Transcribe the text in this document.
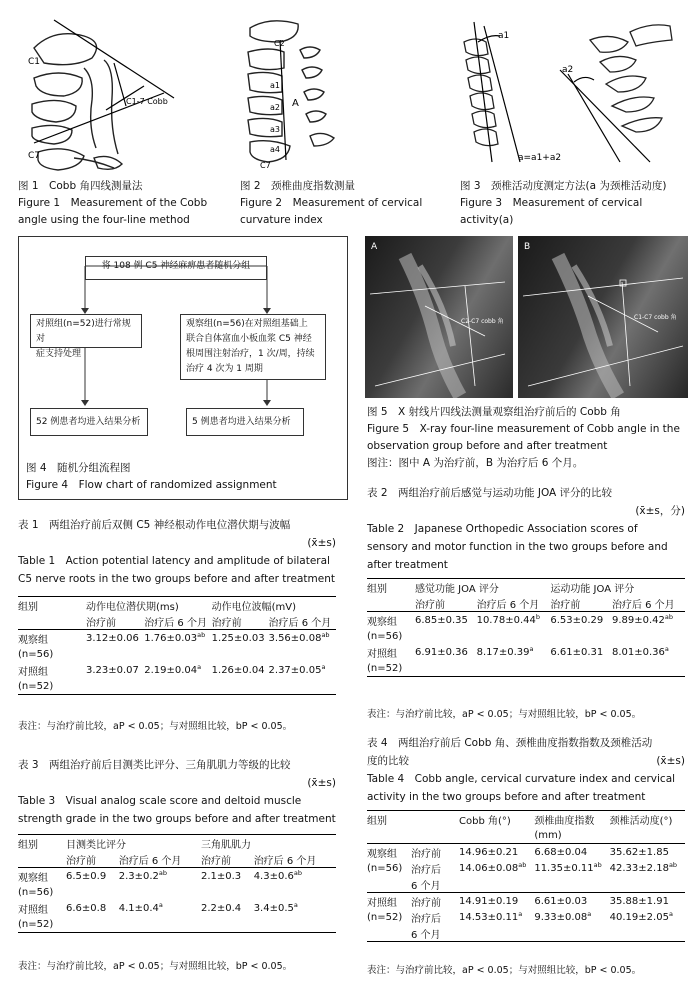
C1
C7
C1-7 Cobb
图 1　Cobb 角四线测量法
Figure 1　Measurement of the Cobb
angle using the four-line method
C2
a1
a2
a3
a4
A
C7
图 2　颈椎曲度指数测量
Figure 2　Measurement of cervical
curvature index
a1
a2
a=a1+a2
图 3　颈椎活动度测定方法(a 为颈椎活动度)
Figure 3　Measurement of cervical
activity(a)
将 108 例 C5 神经麻痹患者随机分组
对照组(n=52)进行常规对
症支持处理
观察组(n=56)在对照组基础上
联合自体富血小板血浆 C5 神经
根周围注射治疗，1 次/周，持续
治疗 4 次为 1 周期
52 例患者均进入结果分析	5 例患者均进入结果分析
图 4　随机分组流程图
Figure 4　Flow chart of randomized assignment
A
C2-C7 cobb 角
B
C1-C7 cobb 角
图 5　X 射线片四线法测量观察组治疗前后的 Cobb 角
Figure 5　X-ray four-line measurement of Cobb angle in the
observation group before and after treatment
图注：图中 A 为治疗前，B 为治疗后 6 个月。
表 1　两组治疗前后双侧 C5 神经根动作电位潜伏期与波幅
(x̄±s)
Table 1　Action potential latency and amplitude of bilateral
C5 nerve roots in the two groups before and after treatment
组别	动作电位潜伏期(ms)		动作电位波幅(mV)	
	治疗前	治疗后 6 个月	治疗前	治疗后 6 个月
观察组	3.12±0.06	1.76±0.03$^{ab}$	1.25±0.03	3.56±0.08$^{ab}$
(n=56)				
对照组	3.23±0.07	2.19±0.04$^a$	1.26±0.04	2.37±0.05$^a$
(n=52)				
表注：与治疗前比较，aP < 0.05；与对照组比较，bP < 0.05。
表 3　两组治疗前后目测类比评分、三角肌肌力等级的比较
(x̄±s)
Table 3　Visual analog scale score and deltoid muscle
strength grade in the two groups before and after treatment
组别	目测类比评分		三角肌肌力	
	治疗前	治疗后 6 个月	治疗前	治疗后 6 个月
观察组	6.5±0.9	2.3±0.2$^{ab}$	2.1±0.3	4.3±0.6$^{ab}$
(n=56)				
对照组	6.6±0.8	4.1±0.4$^a$	2.2±0.4	3.4±0.5$^a$
(n=52)				
表注：与治疗前比较，aP < 0.05；与对照组比较，bP < 0.05。
表 2　两组治疗前后感觉与运动功能 JOA 评分的比较
(x̄±s，分)
Table 2　Japanese Orthopedic Association scores of
sensory and motor function in the two groups before and
after treatment
组别	感觉功能 JOA 评分		运动功能 JOA 评分	
	治疗前	治疗后 6 个月	治疗前	治疗后 6 个月
观察组	6.85±0.35	10.78±0.44$^b$	6.53±0.29	9.89±0.42$^{ab}$
(n=56)				
对照组	6.91±0.36	8.17±0.39$^a$	6.61±0.31	8.01±0.36$^a$
(n=52)				
表注：与治疗前比较，aP < 0.05；与对照组比较，bP < 0.05。
表 4　两组治疗前后 Cobb 角、颈椎曲度指数指数及颈椎活动
度的比较	(x̄±s)
Table 4　Cobb angle, cervical curvature index and cervical
activity in the two groups before and after treatment
组别		Cobb 角(°)	颈椎曲度指数	颈椎活动度(°)
			(mm)	
观察组	治疗前	14.96±0.21	6.68±0.04	35.62±1.85
(n=56)	治疗后	14.06±0.08$^{ab}$	11.35±0.11$^{ab}$	42.33±2.18$^{ab}$
	6 个月			
对照组	治疗前	14.91±0.19	6.61±0.03	35.88±1.91
(n=52)	治疗后	14.53±0.11$^a$	9.33±0.08$^a$	40.19±2.05$^a$
	6 个月			
表注：与治疗前比较，aP < 0.05；与对照组比较，bP < 0.05。
